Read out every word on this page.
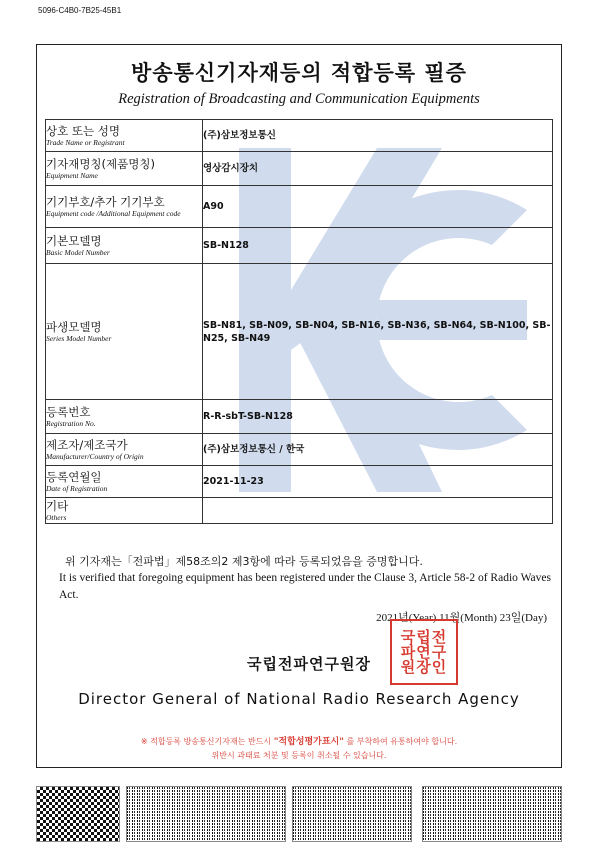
5096-C4B0-7B25-45B1
방송통신기자재등의 적합등록 필증
Registration of Broadcasting and Communication Equipments
상호 또는 성명
Trade Name or Registrant	(주)삼보정보통신

기자재명칭(제품명칭)
Equipment Name	영상감시장치

기기부호/추가 기기부호
Equipment code /Additional Equipment code	A90

기본모델명
Basic Model Number	SB-N128

파생모델명
Series Model Number	SB-N81, SB-N09, SB-N04, SB-N16, SB-N36, SB-N64, SB-N100, SB-N25, SB-N49

등록번호
Registration No.	R-R-sbT-SB-N128

제조자/제조국가
Manufacturer/Country of Origin	(주)삼보정보통신 / 한국

등록연월일
Date of Registration	2021-11-23

기타
Others	

위 기자재는「전파법」제58조의2 제3항에 따라 등록되었음을 증명합니다.
It is verified that foregoing equipment has been registered under the Clause 3, Article 58-2 of Radio Waves Act.
2021년(Year) 11월(Month) 23일(Day)
국립전파연구원장
국립전
파연구
원장인
Director General of National Radio Research Agency
※ 적합등록 방송통신기자재는 반드시 "적합성평가표시" 를 부착하여 유통하여야 합니다.
위반시 과태료 처분 및 등록이 취소될 수 있습니다.
